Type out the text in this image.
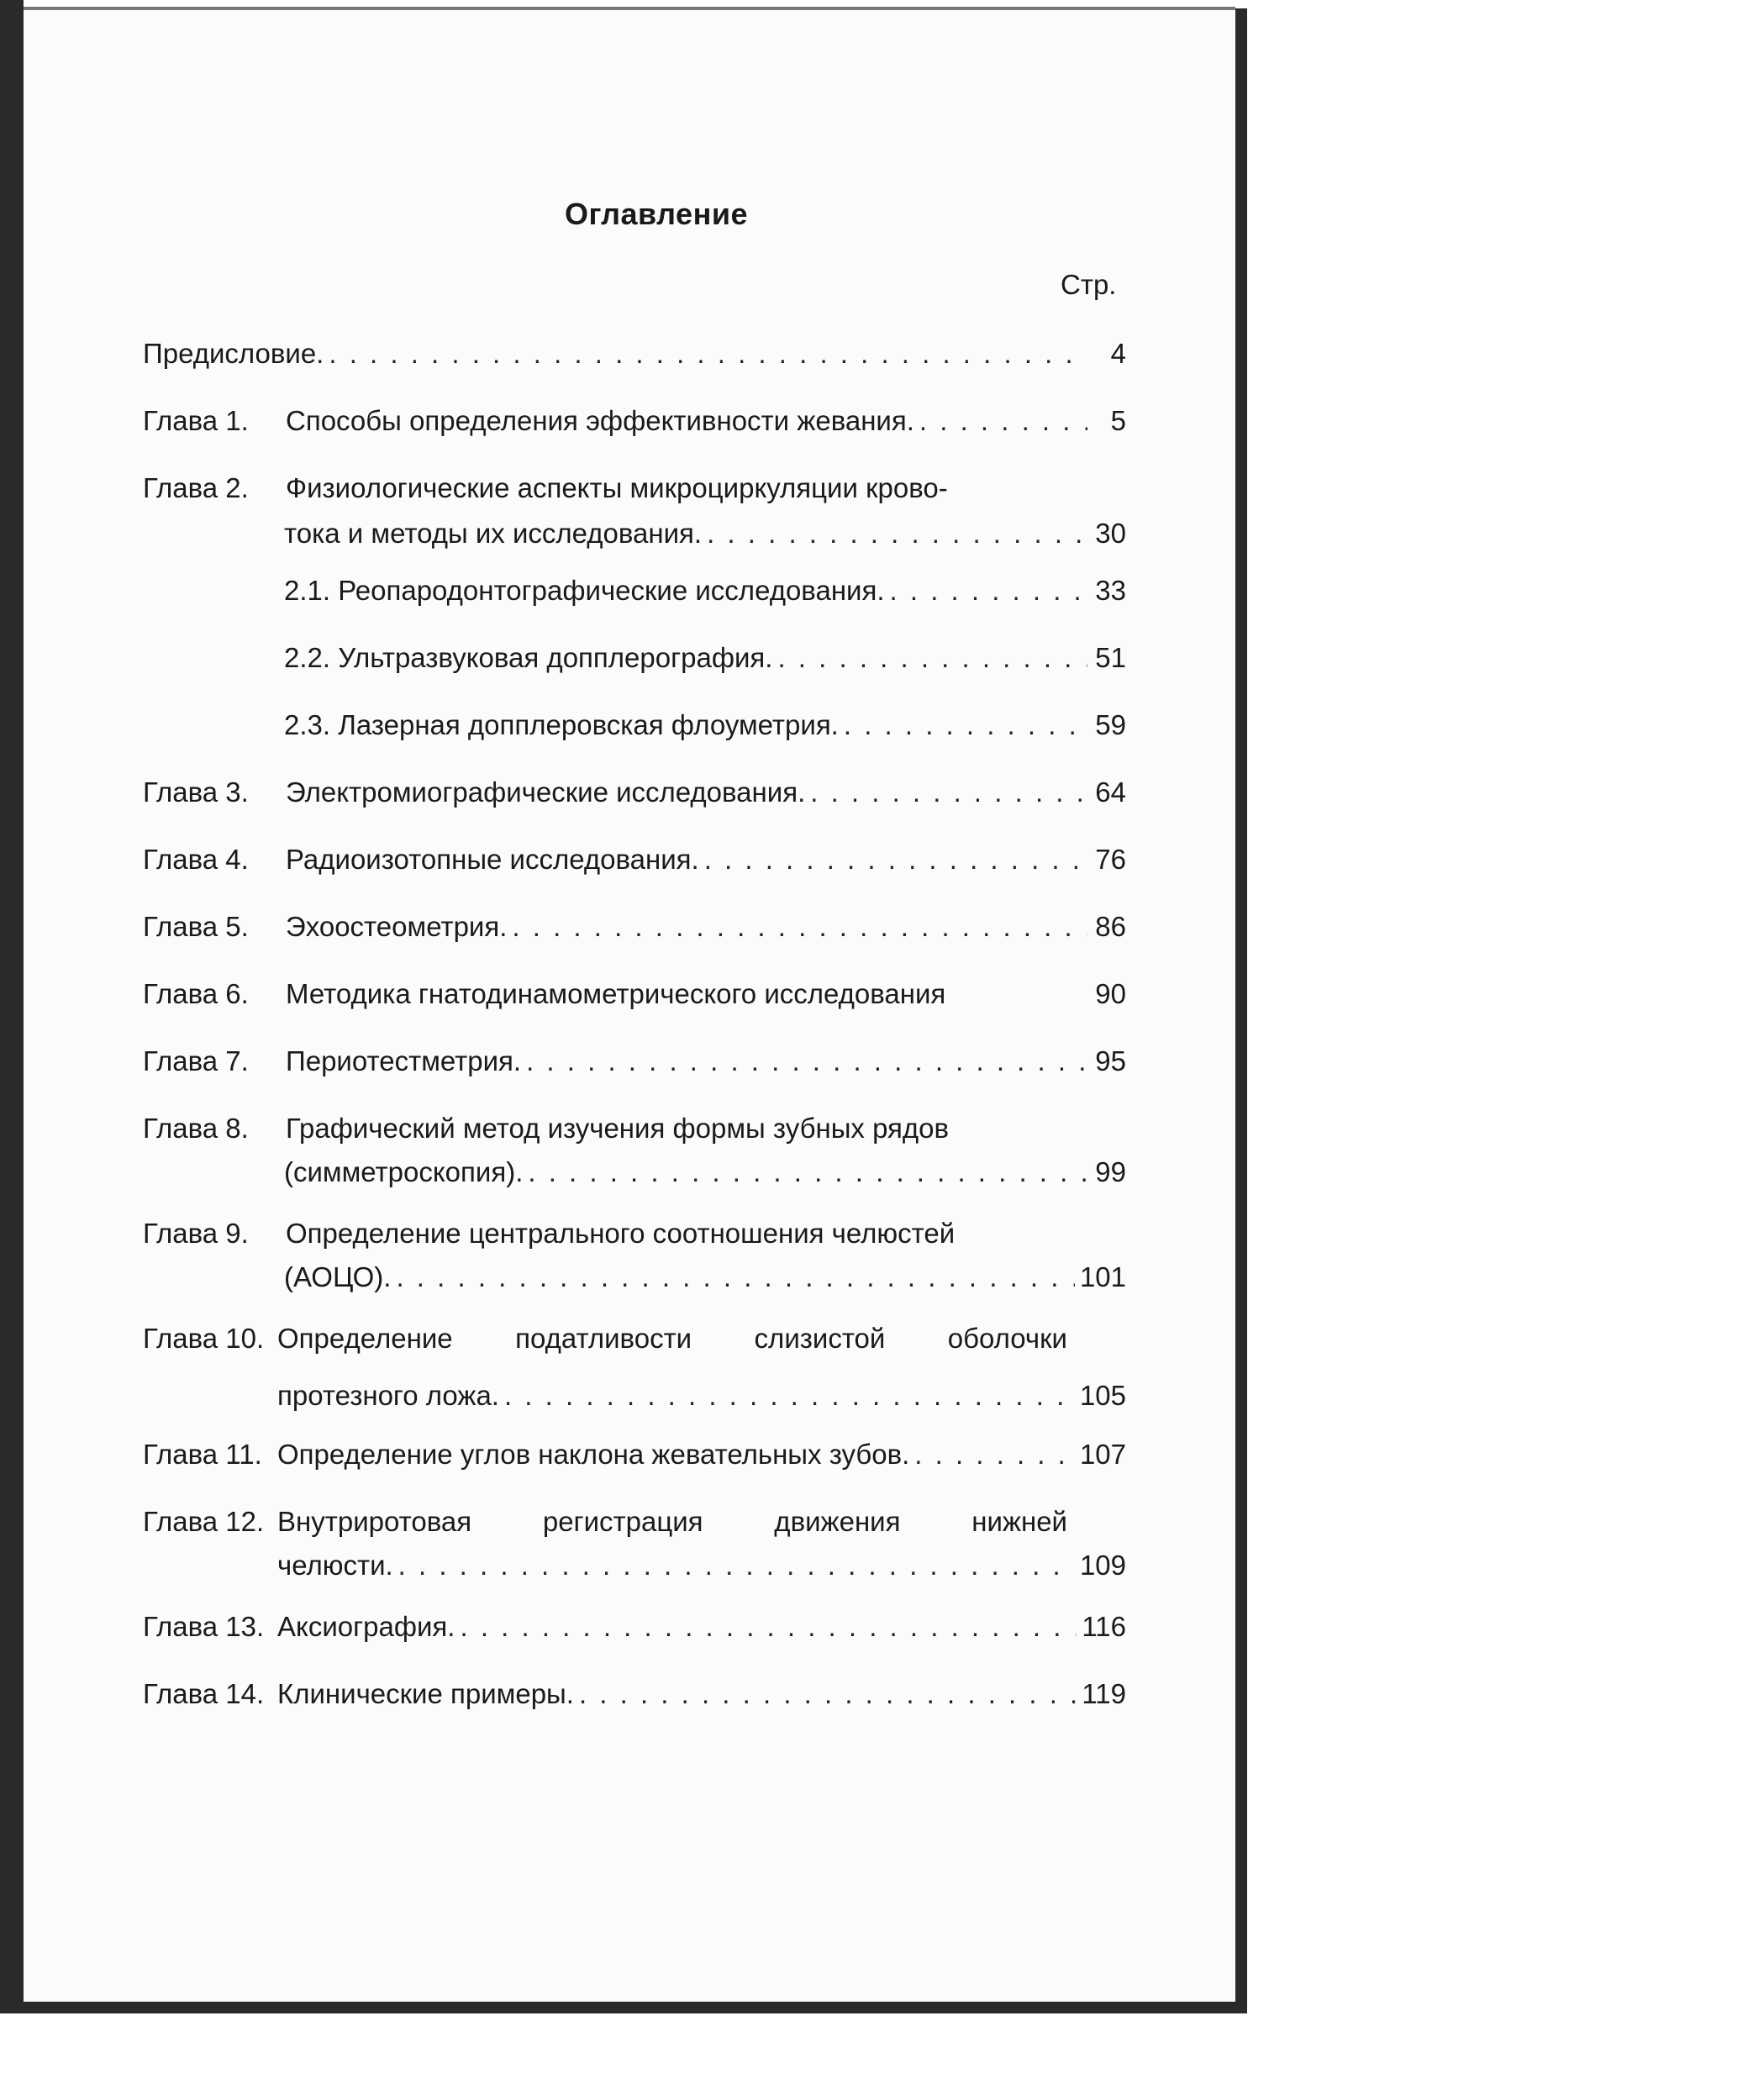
Оглавление
Стр.
Предисловие. . . .	4
Глава 1.	Способы определения эффективности жевания. . . .	5
Глава 2.	Физиологические аспекты микроциркуляции крово-
тока и методы их исследования. . . .	30
2.1. Реопародонтографические исследования. . . .	33
2.2. Ультразвуковая допплерография. . . .	51
2.3. Лазерная допплеровская флоуметрия. . . .	59
Глава 3.	Электромиографические исследования. . . .	64
Глава 4.	Радиоизотопные исследования. . . .	76
Глава 5.	Эхоостеометрия. . . .	86
Глава 6.	Методика гнатодинамометрического исследования	90
Глава 7.	Периотестметрия. . . .	95
Глава 8.	Графический метод изучения формы зубных рядов
(симметроскопия). . . .	99
Глава 9.	Определение центрального соотношения челюстей
(АОЦО). . . .	101
Глава 10. Определение податливости слизистой оболочки
протезного ложа. . . .	105
Глава 11. Определение углов наклона жевательных зубов. . . .	107
Глава 12. Внутриротовая регистрация движения нижней
челюсти. . . .	109
Глава 13. Аксиография. . . .	116
Глава 14. Клинические примеры. . . .	119
